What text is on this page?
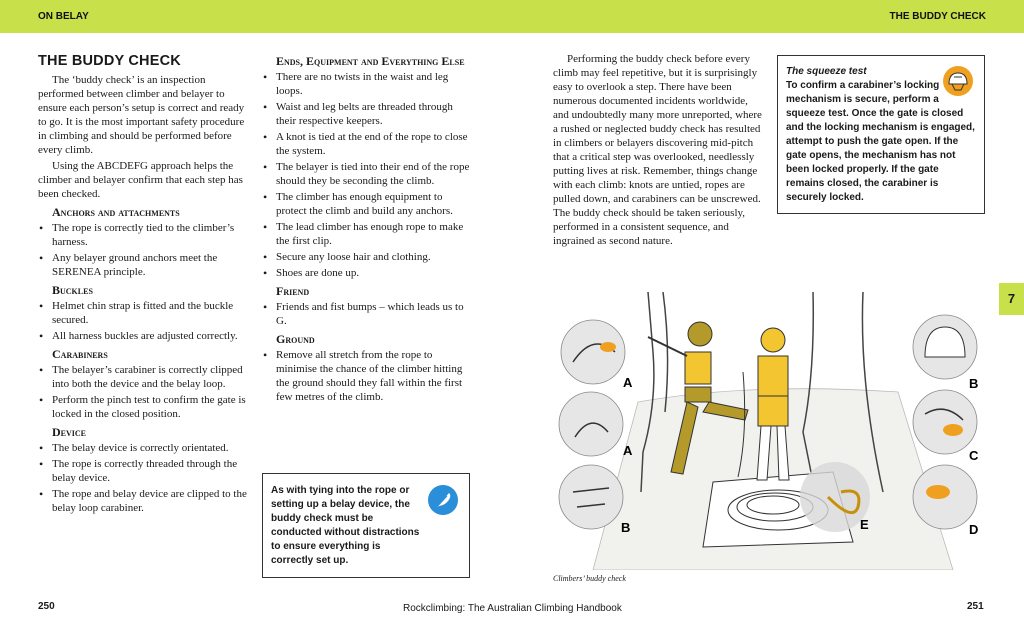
ON BELAY	THE BUDDY CHECK
7
THE BUDDY CHECK

The ‘buddy check’ is an inspection performed between climber and belayer to ensure each person’s setup is correct and ready to go. It is the most important safety procedure in climbing and should be performed before every climb.

Using the ABCDEFG approach helps the climber and belayer confirm that each step has been checked.

Anchors and attachments
• The rope is correctly tied to the climber’s harness.
• Any belayer ground anchors meet the SERENEA principle.
Buckles
• Helmet chin strap is fitted and the buckle secured.
• All harness buckles are adjusted correctly.
Carabiners
• The belayer’s carabiner is correctly clipped into both the device and the belay loop.
• Perform the pinch test to confirm the gate is locked in the closed position.
Device
• The belay device is correctly orientated.
• The rope is correctly threaded through the belay device.
• The rope and belay device are clipped to the belay loop carabiner.
Ends, Equipment and Everything Else
• There are no twists in the waist and leg loops.
• Waist and leg belts are threaded through their respective keepers.
• A knot is tied at the end of the rope to close the system.
• The belayer is tied into their end of the rope should they be seconding the climb.
• The climber has enough equipment to protect the climb and build any anchors.
• The lead climber has enough rope to make the first clip.
• Secure any loose hair and clothing.
• Shoes are done up.
Friend
• Friends and fist bumps – which leads us to G.
Ground
• Remove all stretch from the rope to minimise the chance of the climber hitting the ground should they fall within the first few metres of the climb.
As with tying into the rope or setting up a belay device, the buddy check must be conducted without distractions to ensure everything is correctly set up.

Performing the buddy check before every climb may feel repetitive, but it is surprisingly easy to overlook a step. There have been numerous documented incidents worldwide, and undoubtedly many more unreported, where a rushed or neglected buddy check has resulted in climbers or belayers discovering mid-pitch that a critical step was overlooked, needlessly putting lives at risk. Remember, things change with each climb: knots are untied, ropes are pulled down, and carabiners can be unscrewed. The buddy check should be taken seriously, performed in a consistent sequence, and ingrained as second nature.

The squeeze test
To confirm a carabiner’s locking mechanism is secure, perform a squeeze test. Once the gate is closed and the locking mechanism is engaged, attempt to push the gate open. If the gate opens, the mechanism has not been locked properly. If the gate remains closed, the carabiner is securely locked.
A
A
B
B
C
D
E
Climbers’ buddy check
250	Rockclimbing: The Australian Climbing Handbook	251
